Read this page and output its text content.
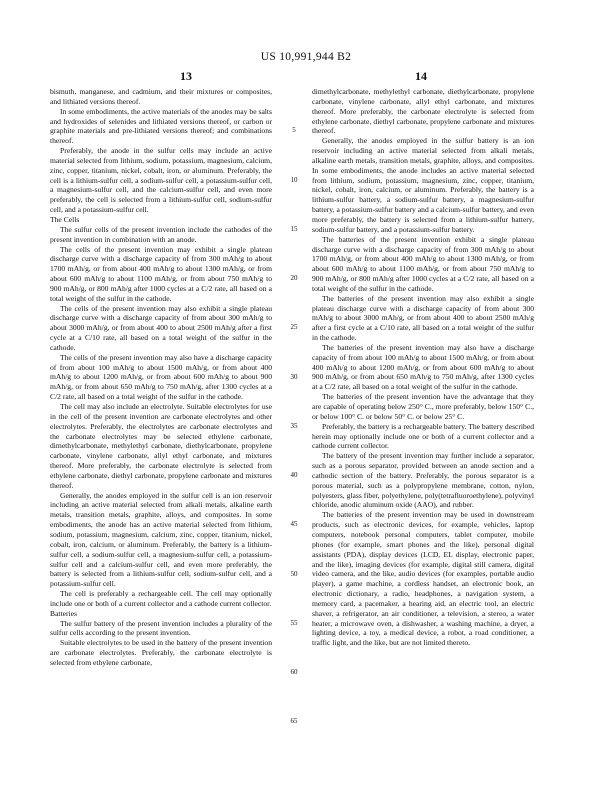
US 10,991,944 B2
13	14

bismuth, manganese, and cadmium, and their mixtures or composites, and lithiated versions thereof.

In some embodiments, the active materials of the anodes may be salts and hydroxides of selenides and lithiated versions thereof, or carbon or graphite materials and pre-lithiated versions thereof; and combinations thereof.

Preferably, the anode in the sulfur cells may include an active material selected from lithium, sodium, potassium, magnesium, calcium, zinc, copper, titanium, nickel, cobalt, iron, or aluminum. Preferably, the cell is a lithium-sulfur cell, a sodium-sulfur cell, a potassium-sulfur cell, a magnesium-sulfur cell, and the calcium-sulfur cell, and even more preferably, the cell is selected from a lithium-sulfur cell, sodium-sulfur cell, and a potassium-sulfur cell.

The Cells

The sulfur cells of the present invention include the cathodes of the present invention in combination with an anode.

The cells of the present invention may exhibit a single plateau discharge curve with a discharge capacity of from 300 mAh/g to about 1700 mAh/g, or from about 400 mAh/g to about 1300 mAh/g, or from about 600 mAh/g to about 1100 mAh/g, or from about 750 mAh/g to 900 mAh/g, or 800 mAh/g after 1000 cycles at a C/2 rate, all based on a total weight of the sulfur in the cathode.

The cells of the present invention may also exhibit a single plateau discharge curve with a discharge capacity of from about 300 mAh/g to about 3000 mAh/g, or from about 400 to about 2500 mAh/g after a first cycle at a C/10 rate, all based on a total weight of the sulfur in the cathode.

The cells of the present invention may also have a discharge capacity of from about 100 mAh/g to about 1500 mAh/g, or from about 400 mAh/g to about 1200 mAh/g, or from about 600 mAh/g to about 900 mAh/g, or from about 650 mAh/g to 750 mAh/g, after 1300 cycles at a C/2 rate, all based on a total weight of the sulfur in the cathode.

The cell may also include an electrolyte. Suitable electrolytes for use in the cell of the present invention are carbonate electrolytes and other electrolytes. Preferably, the electrolytes are carbonate electrolytes and the carbonate electrolytes may be selected ethylene carbonate, dimethylcarbonate, methylethyl carbonate, diethylcarbonate, propylene carbonate, vinylene carbonate, allyl ethyl carbonate, and mixtures thereof. More preferably, the carbonate electrolyte is selected from ethylene carbonate, diethyl carbonate, propylene carbonate and mixtures thereof.

Generally, the anodes employed in the sulfur cell is an ion reservoir including an active material selected from alkali metals, alkaline earth metals, transition metals, graphite, alloys, and composites. In some embodiments, the anode has an active material selected from lithium, sodium, potassium, magnesium, calcium, zinc, copper, titanium, nickel, cobalt, iron, calcium, or aluminum. Preferably, the battery is a lithium-sulfur cell, a sodium-sulfur cell, a magnesium-sulfur cell, a potassium-sulfur cell and a calcium-sulfur cell, and even more preferably, the battery is selected from a lithium-sulfur cell, sodium-sulfur cell, and a potassium-sulfur cell.

The cell is preferably a rechargeable cell. The cell may optionally include one or both of a current collector and a cathode current collector.

Batteries

The sulfur battery of the present invention includes a plurality of the sulfur cells according to the present invention.

Suitable electrolytes to be used in the battery of the present invention are carbonate electrolytes. Preferably, the carbonate electrolyte is selected from ethylene carbonate,

dimethylcarbonate, methylethyl carbonate, diethylcarbonate, propylene carbonate, vinylene carbonate, allyl ethyl carbonate, and mixtures thereof. More preferably, the carbonate electrolyte is selected from ethylene carbonate, diethyl carbonate, propylene carbonate and mixtures thereof.

Generally, the anodes employed in the sulfur battery is an ion reservoir including an active material selected from alkali metals, alkaline earth metals, transition metals, graphite, alloys, and composites. In some embodiments, the anode includes an active material selected from lithium, sodium, potassium, magnesium, zinc, copper, titanium, nickel, cobalt, iron, calcium, or aluminum. Preferably, the battery is a lithium-sulfur battery, a sodium-sulfur battery, a magnesium-sulfur battery, a potassium-sulfur battery and a calcium-sulfur battery, and even more preferably, the battery is selected from a lithium-sulfur battery, sodium-sulfur battery, and a potassium-sulfur battery.

The batteries of the present invention exhibit a single plateau discharge curve with a discharge capacity of from 300 mAh/g to about 1700 mAh/g, or from about 400 mAh/g to about 1300 mAh/g, or from about 600 mAh/g to about 1100 mAh/g, or from about 750 mAh/g to 900 mAh/g, or 800 mAh/g after 1000 cycles at a C/2 rate, all based on a total weight of the sulfur in the cathode.

The batteries of the present invention may also exhibit a single plateau discharge curve with a discharge capacity of from about 300 mAh/g to about 3000 mAh/g, or from about 400 to about 2500 mAh/g after a first cycle at a C/10 rate, all based on a total weight of the sulfur in the cathode.

The batteries of the present invention may also have a discharge capacity of from about 100 mAh/g to about 1500 mAh/g, or from about 400 mAh/g to about 1200 mAh/g, or from about 600 mAh/g to about 900 mAh/g, or from about 650 mAh/g to 750 mAh/g, after 1300 cycles at a C/2 rate, all based on a total weight of the sulfur in the cathode.

The batteries of the present invention have the advantage that they are capable of operating below 250° C., more preferably, below 150° C., or below 100° C. or below 50° C. or below 25° C.

Preferably, the battery is a rechargeable battery. The battery described herein may optionally include one or both of a current collector and a cathode current collector.

The battery of the present invention may further include a separator, such as a porous separator, provided between an anode section and a cathodic section of the battery. Preferably, the porous separator is a porous material, such as a polypropylene membrane, cotton, nylon, polyesters, glass fiber, polyethylene, poly(tetrafluoroethylene), polyvinyl chloride, anodic aluminum oxide (AAO), and rubber.

The batteries of the present invention may be used in downstream products, such as electronic devices, for example, vehicles, laptop computers, notebook personal computers, tablet computer, mobile phones (for example, smart phones and the like), personal digital assistants (PDA), display devices (LCD, EL display, electronic paper, and the like), imaging devices (for example, digital still camera, digital video camera, and the like, audio devices (for examples, portable audio player), a game machine, a cordless handset, an electronic book, an electronic dictionary, a radio, headphones, a navigation system, a memory card, a pacemaker, a hearing aid, an electric tool, an electric shaver, a refrigerator, an air conditioner, a television, a stereo, a water heater, a microwave oven, a dishwasher, a washing machine, a dryer, a lighting device, a toy, a medical device, a robot, a road conditioner, a traffic light, and the like, but are not limited thereto.

5
10
15
20
25
30
35
40
45
50
55
60
65
